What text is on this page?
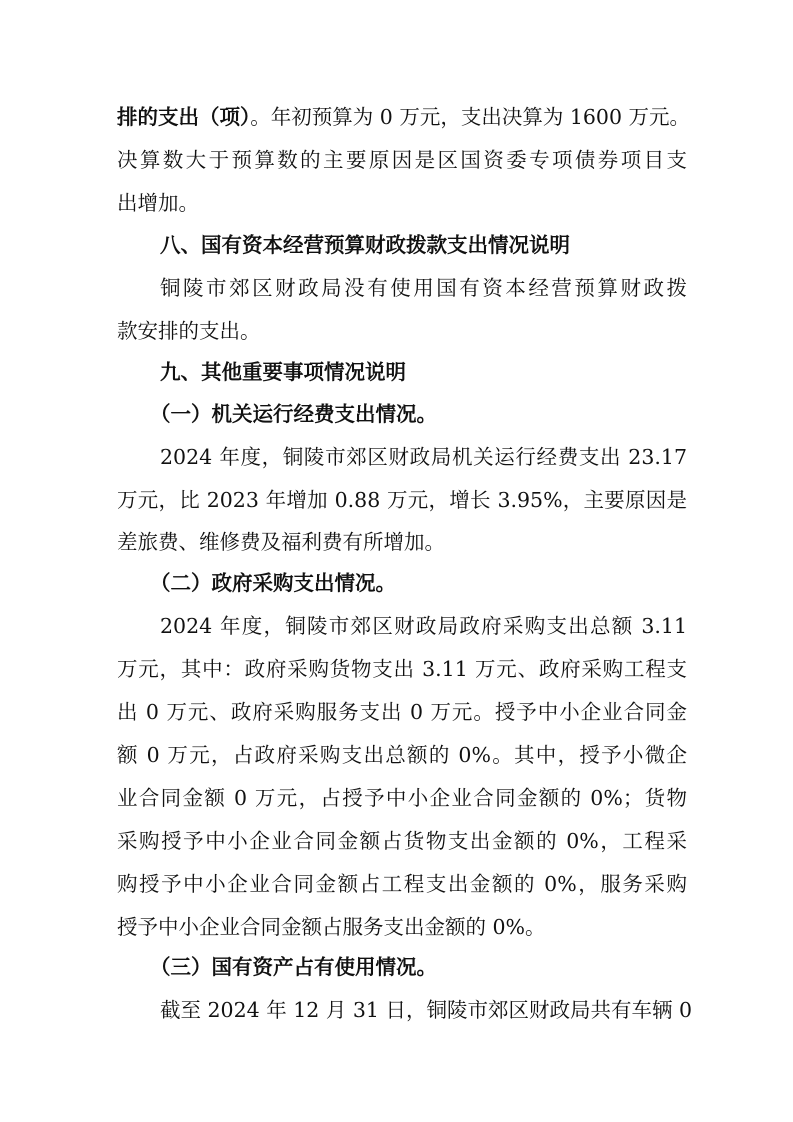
排的支出（项）。年初预算为 0 万元，支出决算为 1600 万元。
决算数大于预算数的主要原因是区国资委专项债券项目支
出增加。
八、国有资本经营预算财政拨款支出情况说明
铜陵市郊区财政局没有使用国有资本经营预算财政拨
款安排的支出。
九、其他重要事项情况说明
（一）机关运行经费支出情况。
2024 年度，铜陵市郊区财政局机关运行经费支出 23.17
万元，比 2023 年增加 0.88 万元，增长 3.95%，主要原因是
差旅费、维修费及福利费有所增加。
（二）政府采购支出情况。
2024 年度，铜陵市郊区财政局政府采购支出总额 3.11
万元，其中：政府采购货物支出 3.11 万元、政府采购工程支
出 0 万元、政府采购服务支出 0 万元。授予中小企业合同金
额 0 万元，占政府采购支出总额的 0%。其中，授予小微企
业合同金额 0 万元，占授予中小企业合同金额的 0%；货物
采购授予中小企业合同金额占货物支出金额的 0%，工程采
购授予中小企业合同金额占工程支出金额的 0%，服务采购
授予中小企业合同金额占服务支出金额的 0%。
（三）国有资产占有使用情况。
截至 2024 年 12 月 31 日，铜陵市郊区财政局共有车辆 0
